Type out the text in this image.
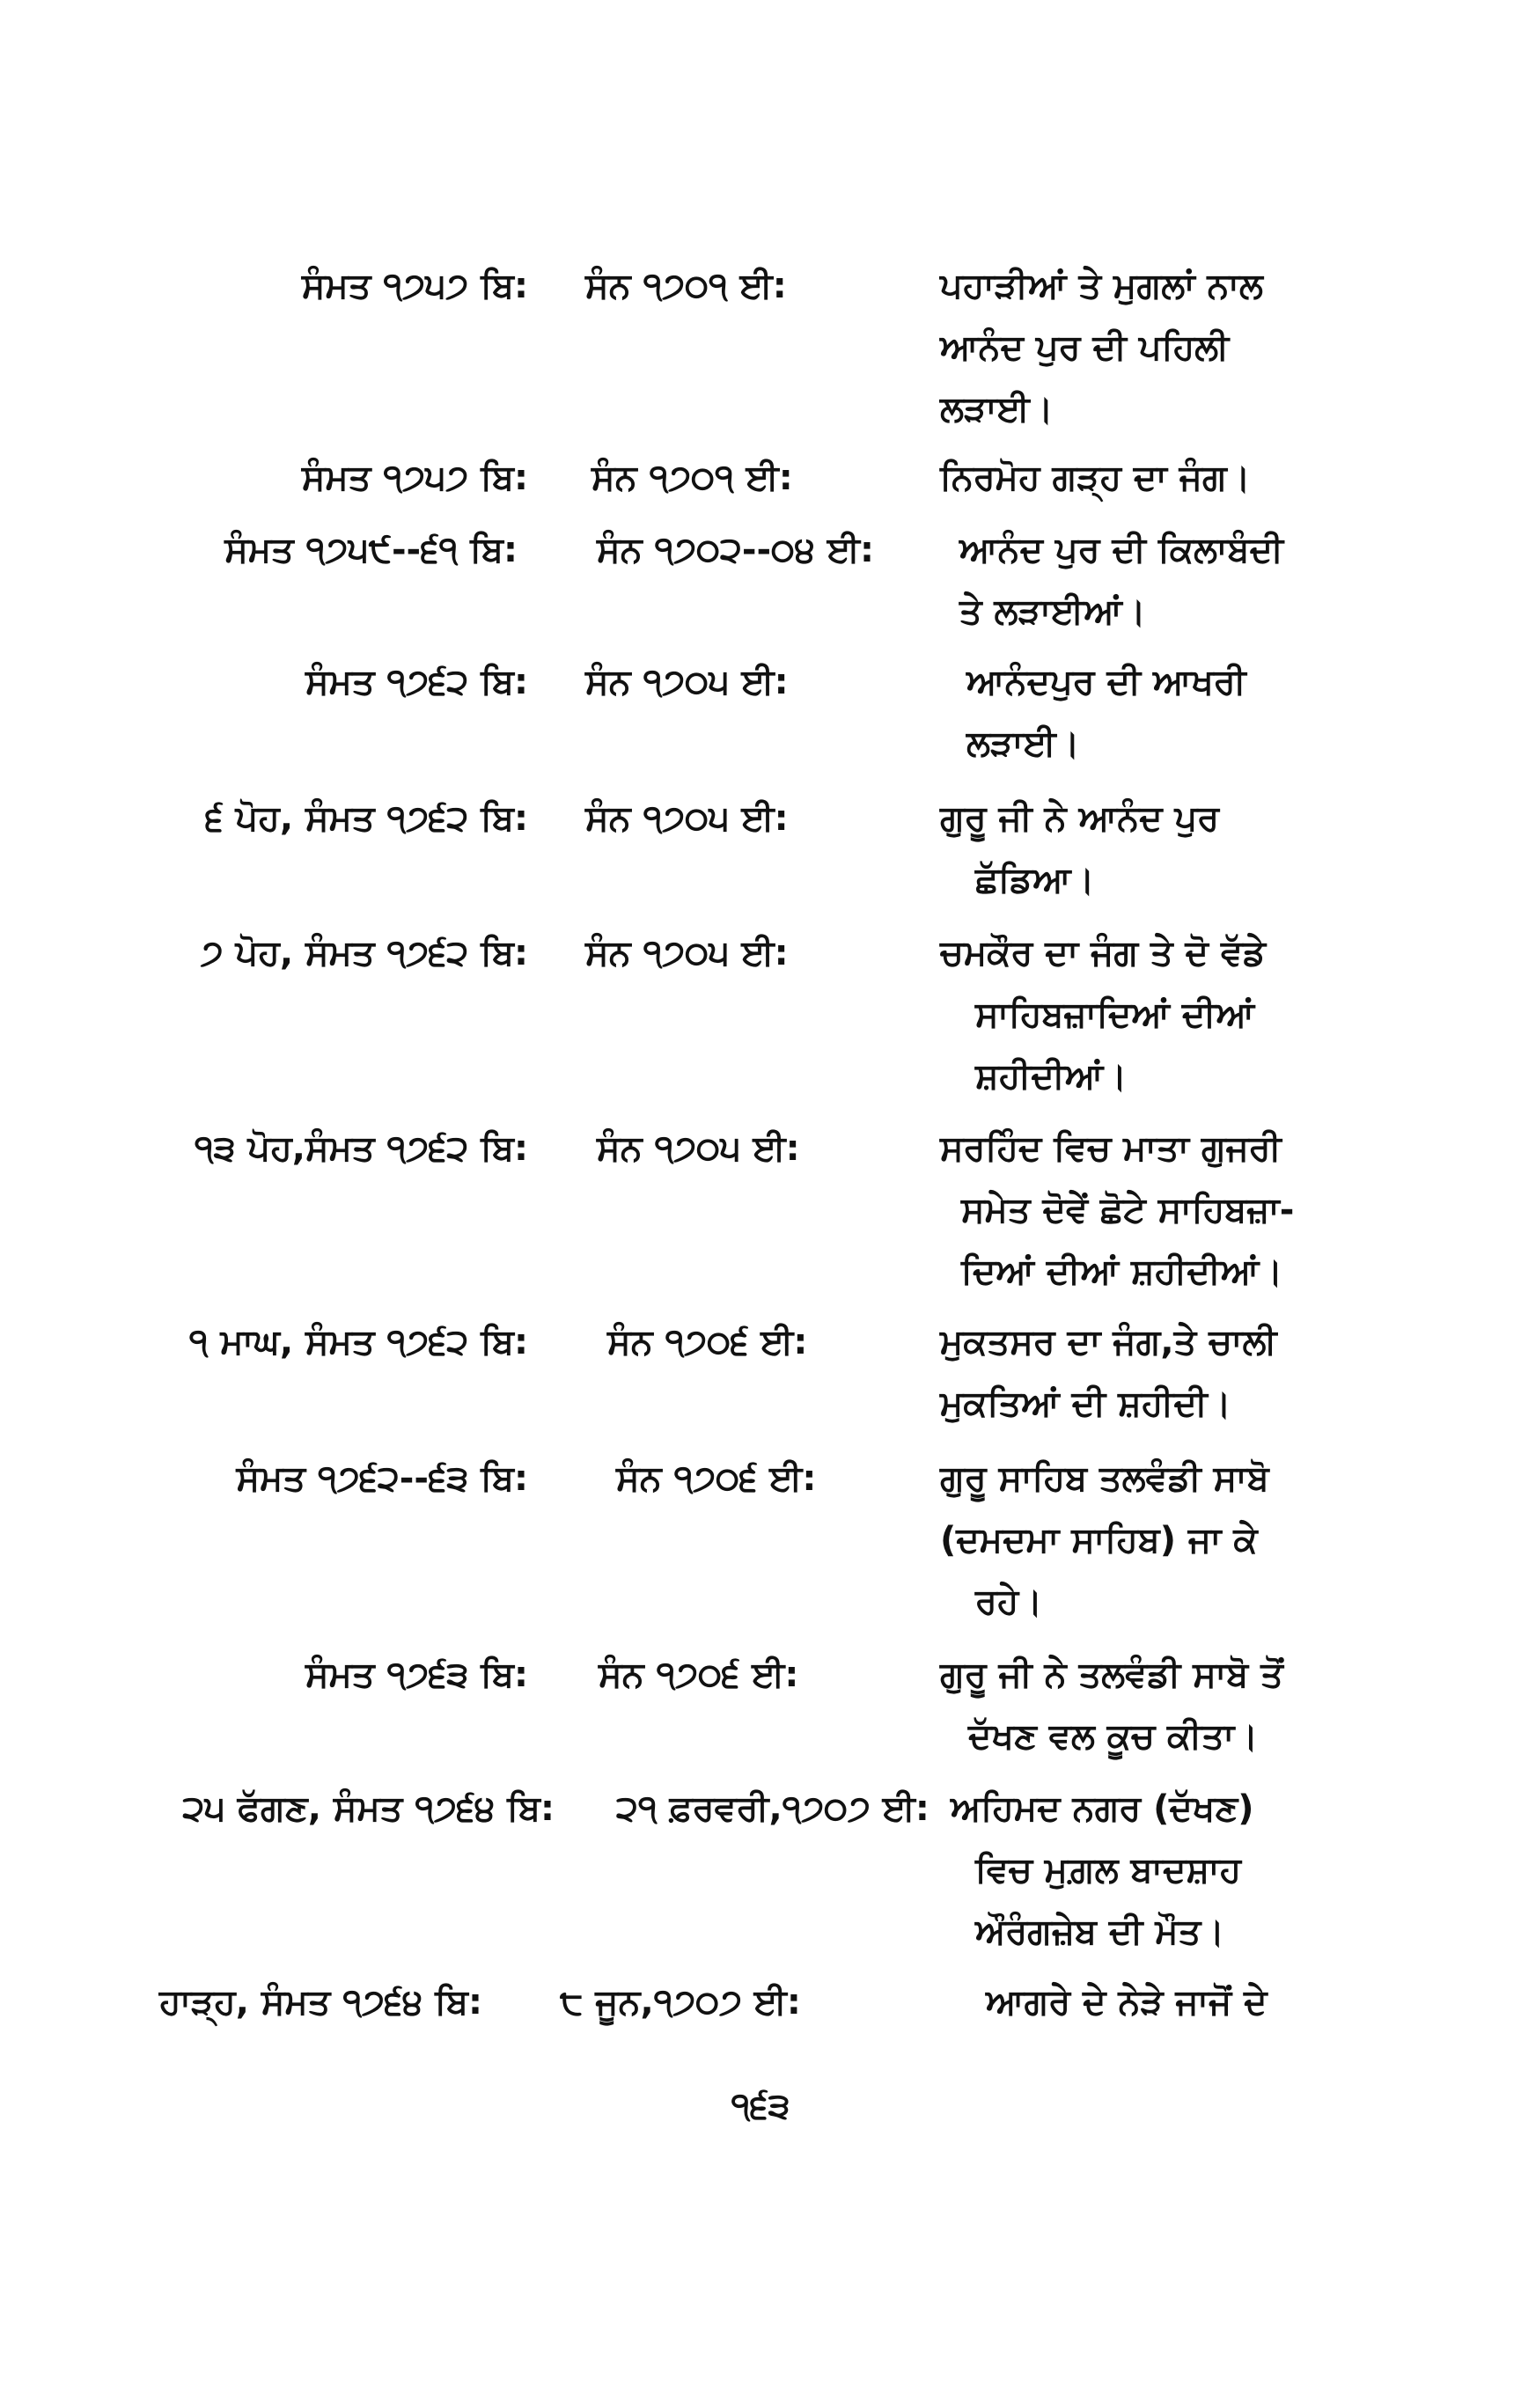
ਸੰਮਤ ੧੭੫੭ ਬਿ: ਸੰਨ ੧੭੦੧ ਈ:	ਪਹਾੜੀਆਂ ਤੇ ਮੁਗਲਾਂ ਨਾਲ
ਆਨੰਦ ਪੁਰ ਦੀ ਪਹਿਲੀ
ਲੜਾਈ।
ਸੰਮਤ ੧੭੫੭ ਬਿ: ਸੰਨ ੧੭੦੧ ਈ:	ਨਿਰਮੋਹ ਗੜ੍ਹ ਦਾ ਜੰਗ।
ਸੰਮਤ ੧੭੫੯--੬੧ ਬਿ: ਸੰਨ ੧੭੦੨--੦੪ ਈ: ਆਨੰਦ ਪੁਰ ਦੀ ਕਿਲਾਬੰਦੀ
ਤੇ ਲੜਾਈਆਂ।
ਸੰਮਤ ੧੭੬੨ ਬਿ: ਸੰਨ ੧੭੦੫ ਈ:	ਆਨੰਦਪੁਰ ਦੀ ਆਖਰੀ
ਲੜਾਈ।
੬ ਪੋਹ, ਸੰਮਤ ੧੭੬੨ ਬਿ: ਸੰਨ ੧੭੦੫ ਈ:	ਗੁਰੂ ਜੀ ਨੇ ਆਨੰਦ ਪੁਰ
ਛੱਡਿਆ।
੭ ਪੋਹ, ਸੰਮਤ ੧੭੬੨ ਬਿ: ਸੰਨ ੧੭੦੫ ਈ:	ਚਮਕੌਰ ਦਾ ਜੰਗ ਤੇ ਦੋ ਵੱਡੇ
ਸਾਹਿਬਜ਼ਾਦਿਆਂ ਦੀਆਂ
ਸ਼ਹੀਦੀਆਂ।
੧੩ ਪੋਹ,ਸੰਮਤ ੧੭੬੨ ਬਿ: ਸੰਨ ੧੭੦੫ ਈ:	ਸਰਹਿੰਦ ਵਿਚ ਮਾਤਾ ਗੁਜਰੀ
ਸਮੇਤ ਦੋਵੇਂ ਛੋਟੇ ਸਾਹਿਬਜ਼ਾ-
ਦਿਆਂ ਦੀਆਂ ਸ਼ਹੀਦੀਆਂ।
੧ ਮਾਘ, ਸੰਮਤ ੧੭੬੨ ਬਿ: ਸੰਨ ੧੭੦੬ ਈ:	ਮੁਕਤਸਰ ਦਾ ਜੰਗ,ਤੇ ਚਾਲੀ
ਮੁਕਤਿਆਂ ਦੀ ਸ਼ਹੀਦੀ।
ਸੰਮਤ ੧੭੬੨--੬੩ ਬਿ:	ਸੰਨ ੧੭੦੬ ਈ:	ਗੁਰੂ ਸਾਹਿਬ ਤਲਵੰਡੀ ਸਾਬੋ
(ਦਮਦਮਾ ਸਾਹਿਬ) ਜਾ ਕੇ
ਰਹੇ।
ਸੰਮਤ ੧੭੬੩ ਬਿ: ਸੰਨ ੧੭੦੬ ਈ:	ਗੁਰੂ ਜੀ ਨੇ ਤਲਵੰਡੀ ਸਾਬੋ ਤੋਂ
ਦੱਖਣ ਵਲ ਕੂਚ ਕੀਤਾ।
੨੫ ਫੱਗਣ, ਸੰਮਤ ੧੭੬੪ ਬਿ: ੨੧ ਫ਼ਰਵਰੀ,੧੭੦੭ ਈ: ਅਹਿਮਦ ਨਗਰ (ਦੱਖਣ)
ਵਿਚ ਮੁਗ਼ਲ ਬਾਦਸ਼ਾਹ
ਔਰੰਗਜ਼ੇਬ ਦੀ ਮੌਤ।
ਹਾੜ੍ਹ, ਸੰਮਤ ੧੭੬੪ ਬਿ: ੮ ਜੂਨ,੧੭੦੭ ਈ:	ਆਗਰੇ ਦੇ ਨੇੜੇ ਜਾਜੋਂ ਦੇ
੧੬੩
